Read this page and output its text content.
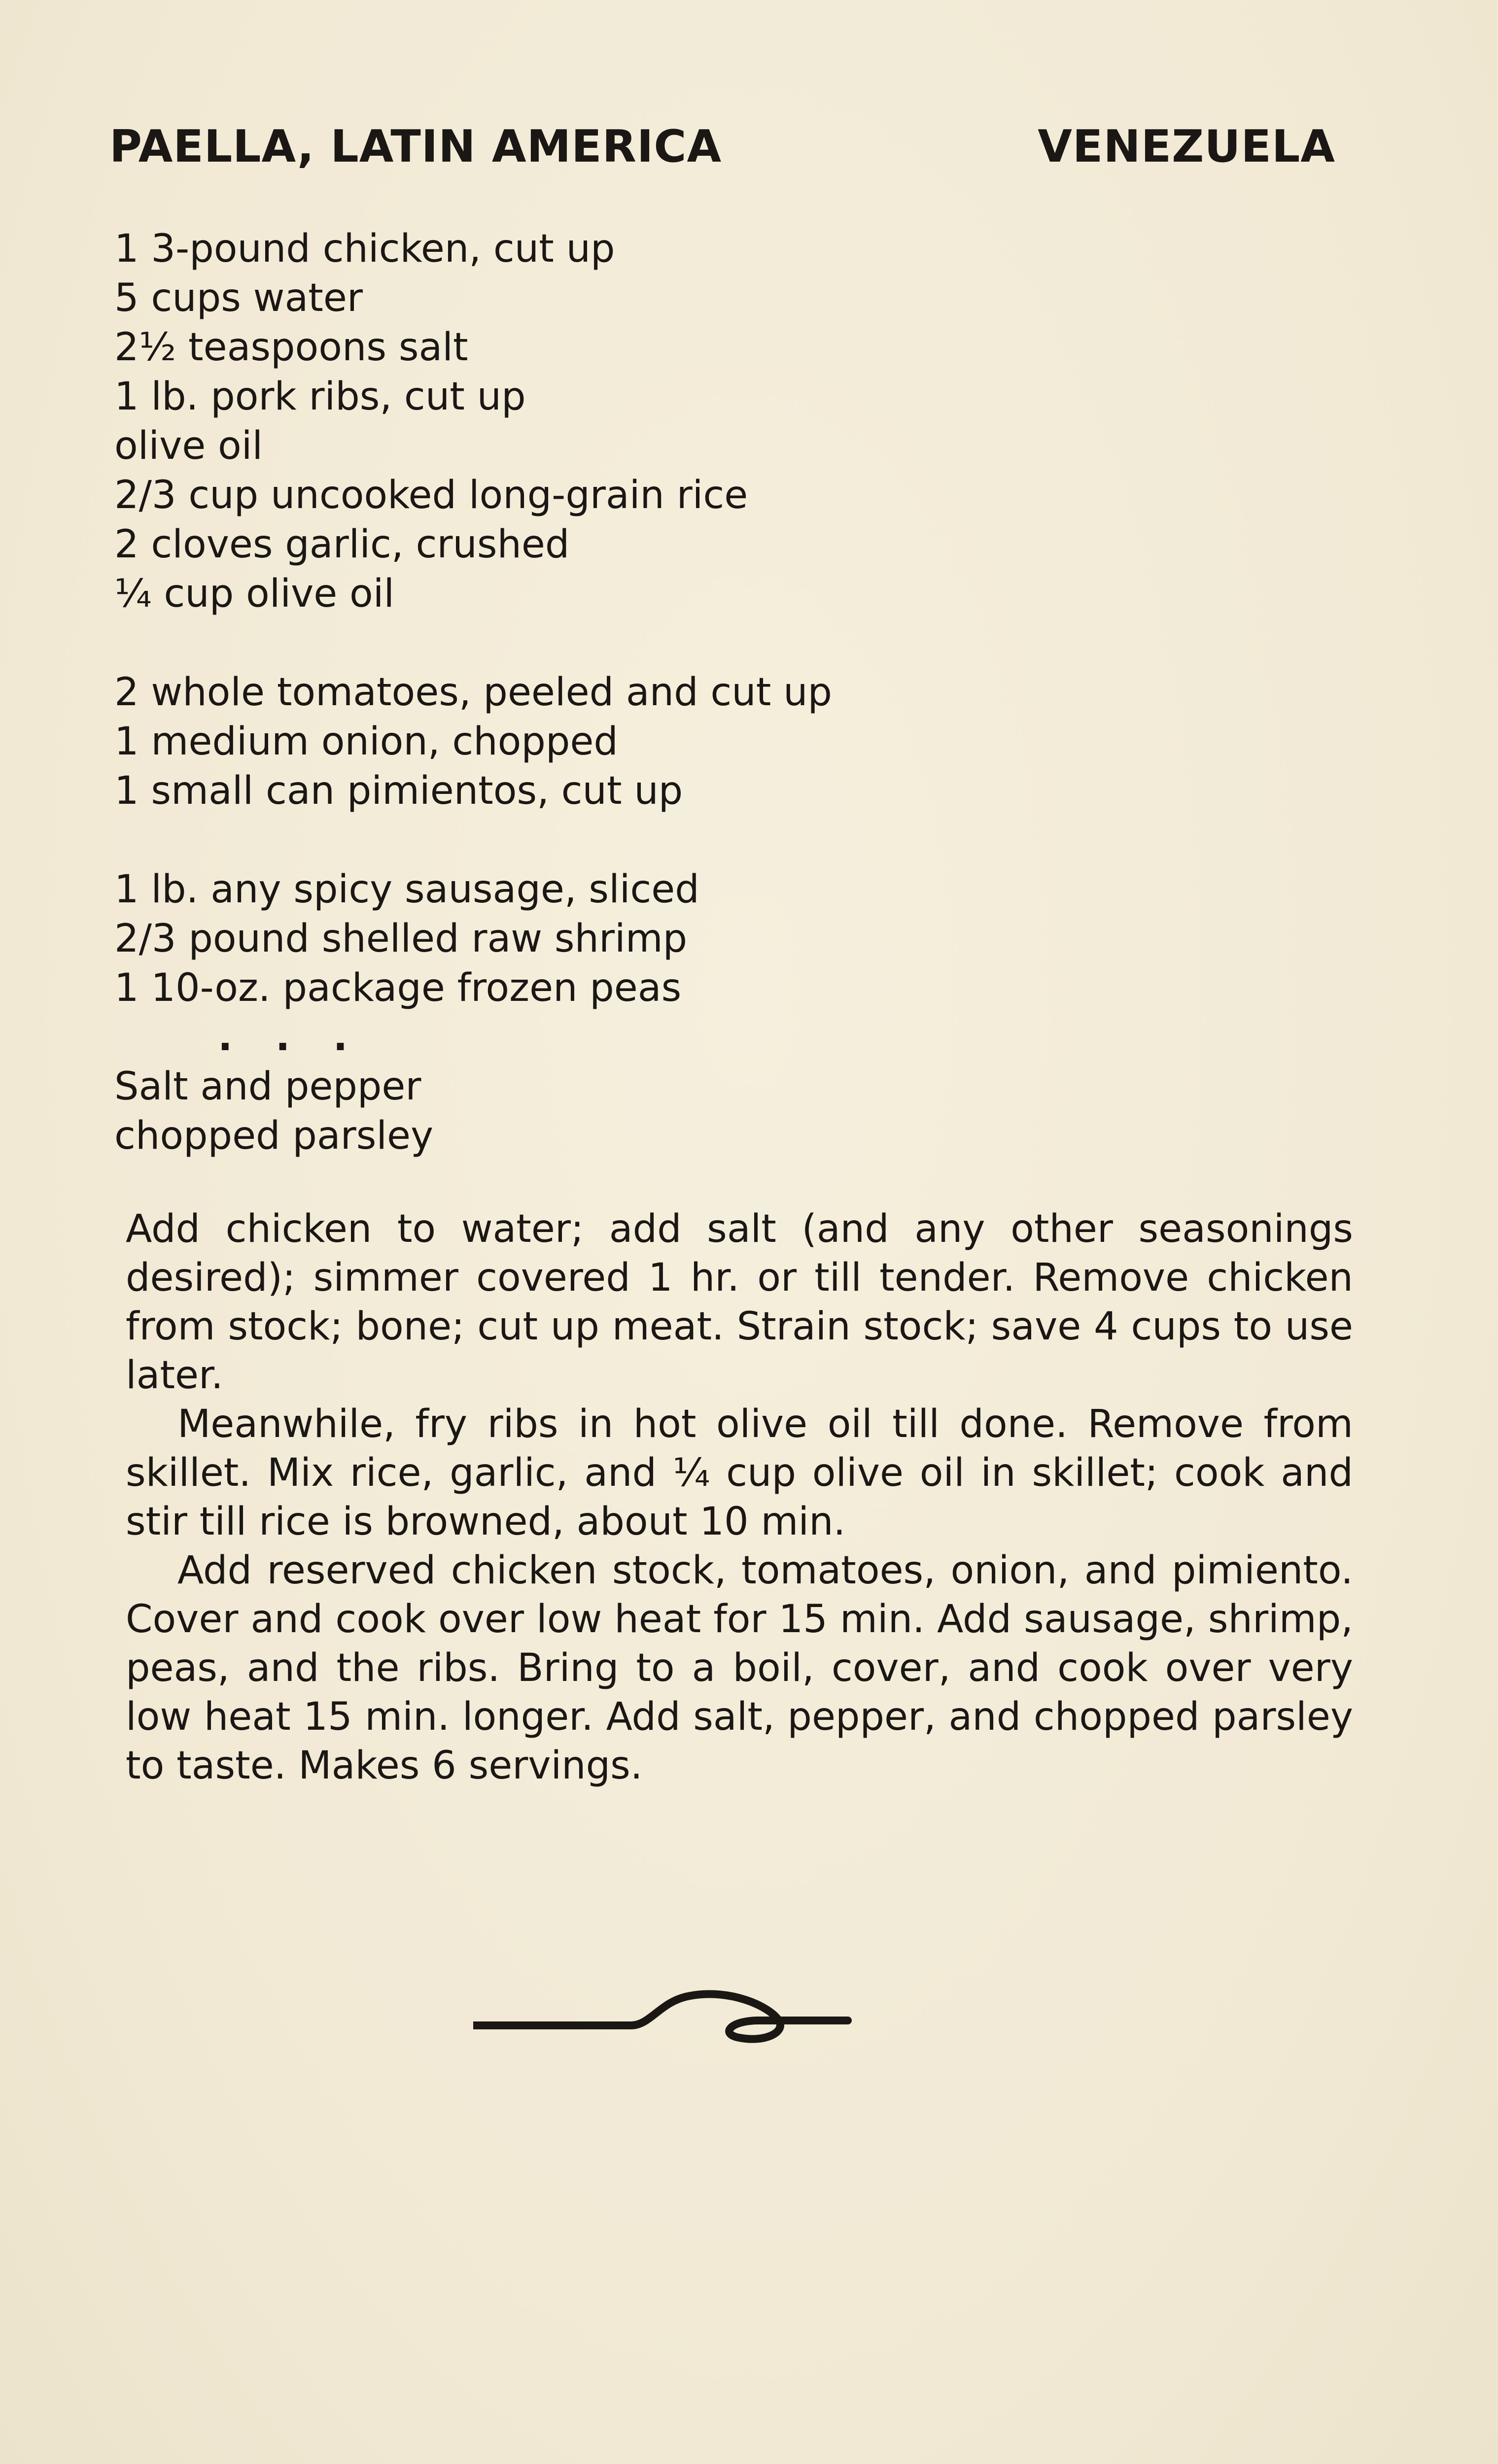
PAELLA, LATIN AMERICA	VENEZUELA
1 3-pound chicken, cut up
5 cups water
2½ teaspoons salt
1 lb. pork ribs, cut up
olive oil
2/3 cup uncooked long-grain rice
2 cloves garlic, crushed
¼ cup olive oil
2 whole tomatoes, peeled and cut up
1 medium onion, chopped
1 small can pimientos, cut up
1 lb. any spicy sausage, sliced
2/3 pound shelled raw shrimp
1 10-oz. package frozen peas
. . .
Salt and pepper
chopped parsley

Add chicken to water; add salt (and any other seasonings desired); simmer covered 1 hr. or till tender. Remove chicken from stock; bone; cut up meat. Strain stock; save 4 cups to use later.

Meanwhile, fry ribs in hot olive oil till done. Remove from skillet. Mix rice, garlic, and ¼ cup olive oil in skillet; cook and stir till rice is browned, about 10 min.

Add reserved chicken stock, tomatoes, onion, and pimiento. Cover and cook over low heat for 15 min. Add sausage, shrimp, peas, and the ribs. Bring to a boil, cover, and cook over very low heat 15 min. longer. Add salt, pepper, and chopped parsley to taste. Makes 6 servings.
